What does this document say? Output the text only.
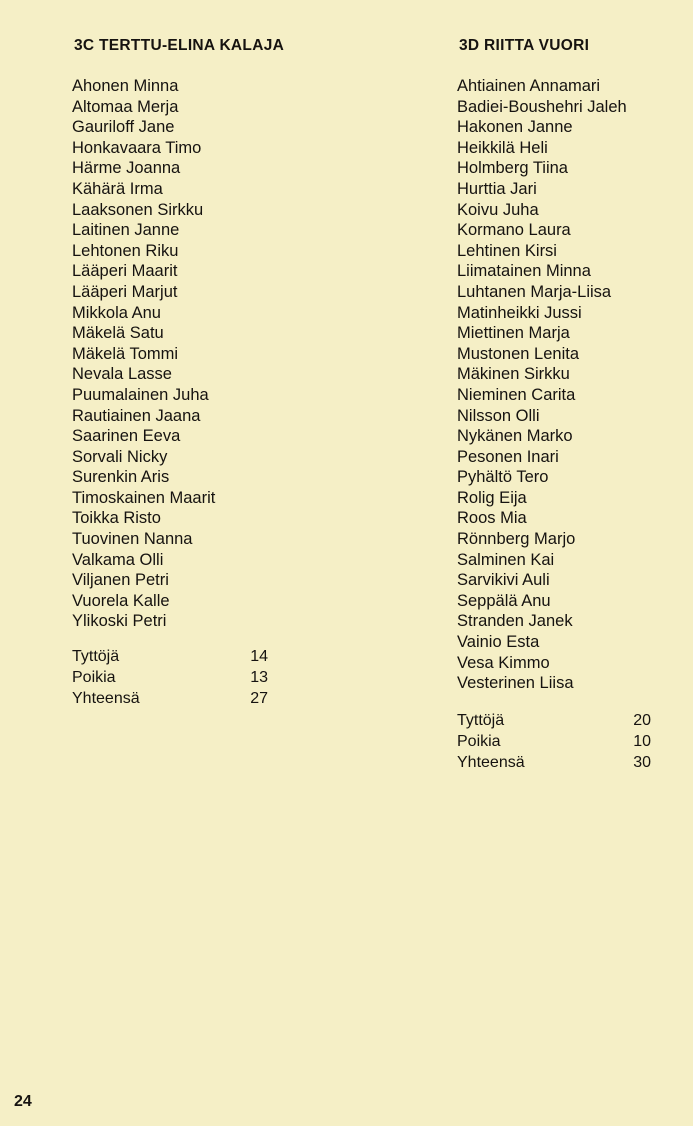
3C TERTTU-ELINA KALAJA
Ahonen Minna
Altomaa Merja
Gauriloff Jane
Honkavaara Timo
Härme Joanna
Kähärä Irma
Laaksonen Sirkku
Laitinen Janne
Lehtonen Riku
Lääperi Maarit
Lääperi Marjut
Mikkola Anu
Mäkelä Satu
Mäkelä Tommi
Nevala Lasse
Puumalainen Juha
Rautiainen Jaana
Saarinen Eeva
Sorvali Nicky
Surenkin Aris
Timoskainen Maarit
Toikka Risto
Tuovinen Nanna
Valkama Olli
Viljanen Petri
Vuorela Kalle
Ylikoski Petri
Tyttöjä	14
Poikia	13
Yhteensä	27
3D RIITTA VUORI
Ahtiainen Annamari
Badiei-Boushehri Jaleh
Hakonen Janne
Heikkilä Heli
Holmberg Tiina
Hurttia Jari
Koivu Juha
Kormano Laura
Lehtinen Kirsi
Liimatainen Minna
Luhtanen Marja-Liisa
Matinheikki Jussi
Miettinen Marja
Mustonen Lenita
Mäkinen Sirkku
Nieminen Carita
Nilsson Olli
Nykänen Marko
Pesonen Inari
Pyhältö Tero
Rolig Eija
Roos Mia
Rönnberg Marjo
Salminen Kai
Sarvikivi Auli
Seppälä Anu
Stranden Janek
Vainio Esta
Vesa Kimmo
Vesterinen Liisa
Tyttöjä	20
Poikia	10
Yhteensä	30
24
